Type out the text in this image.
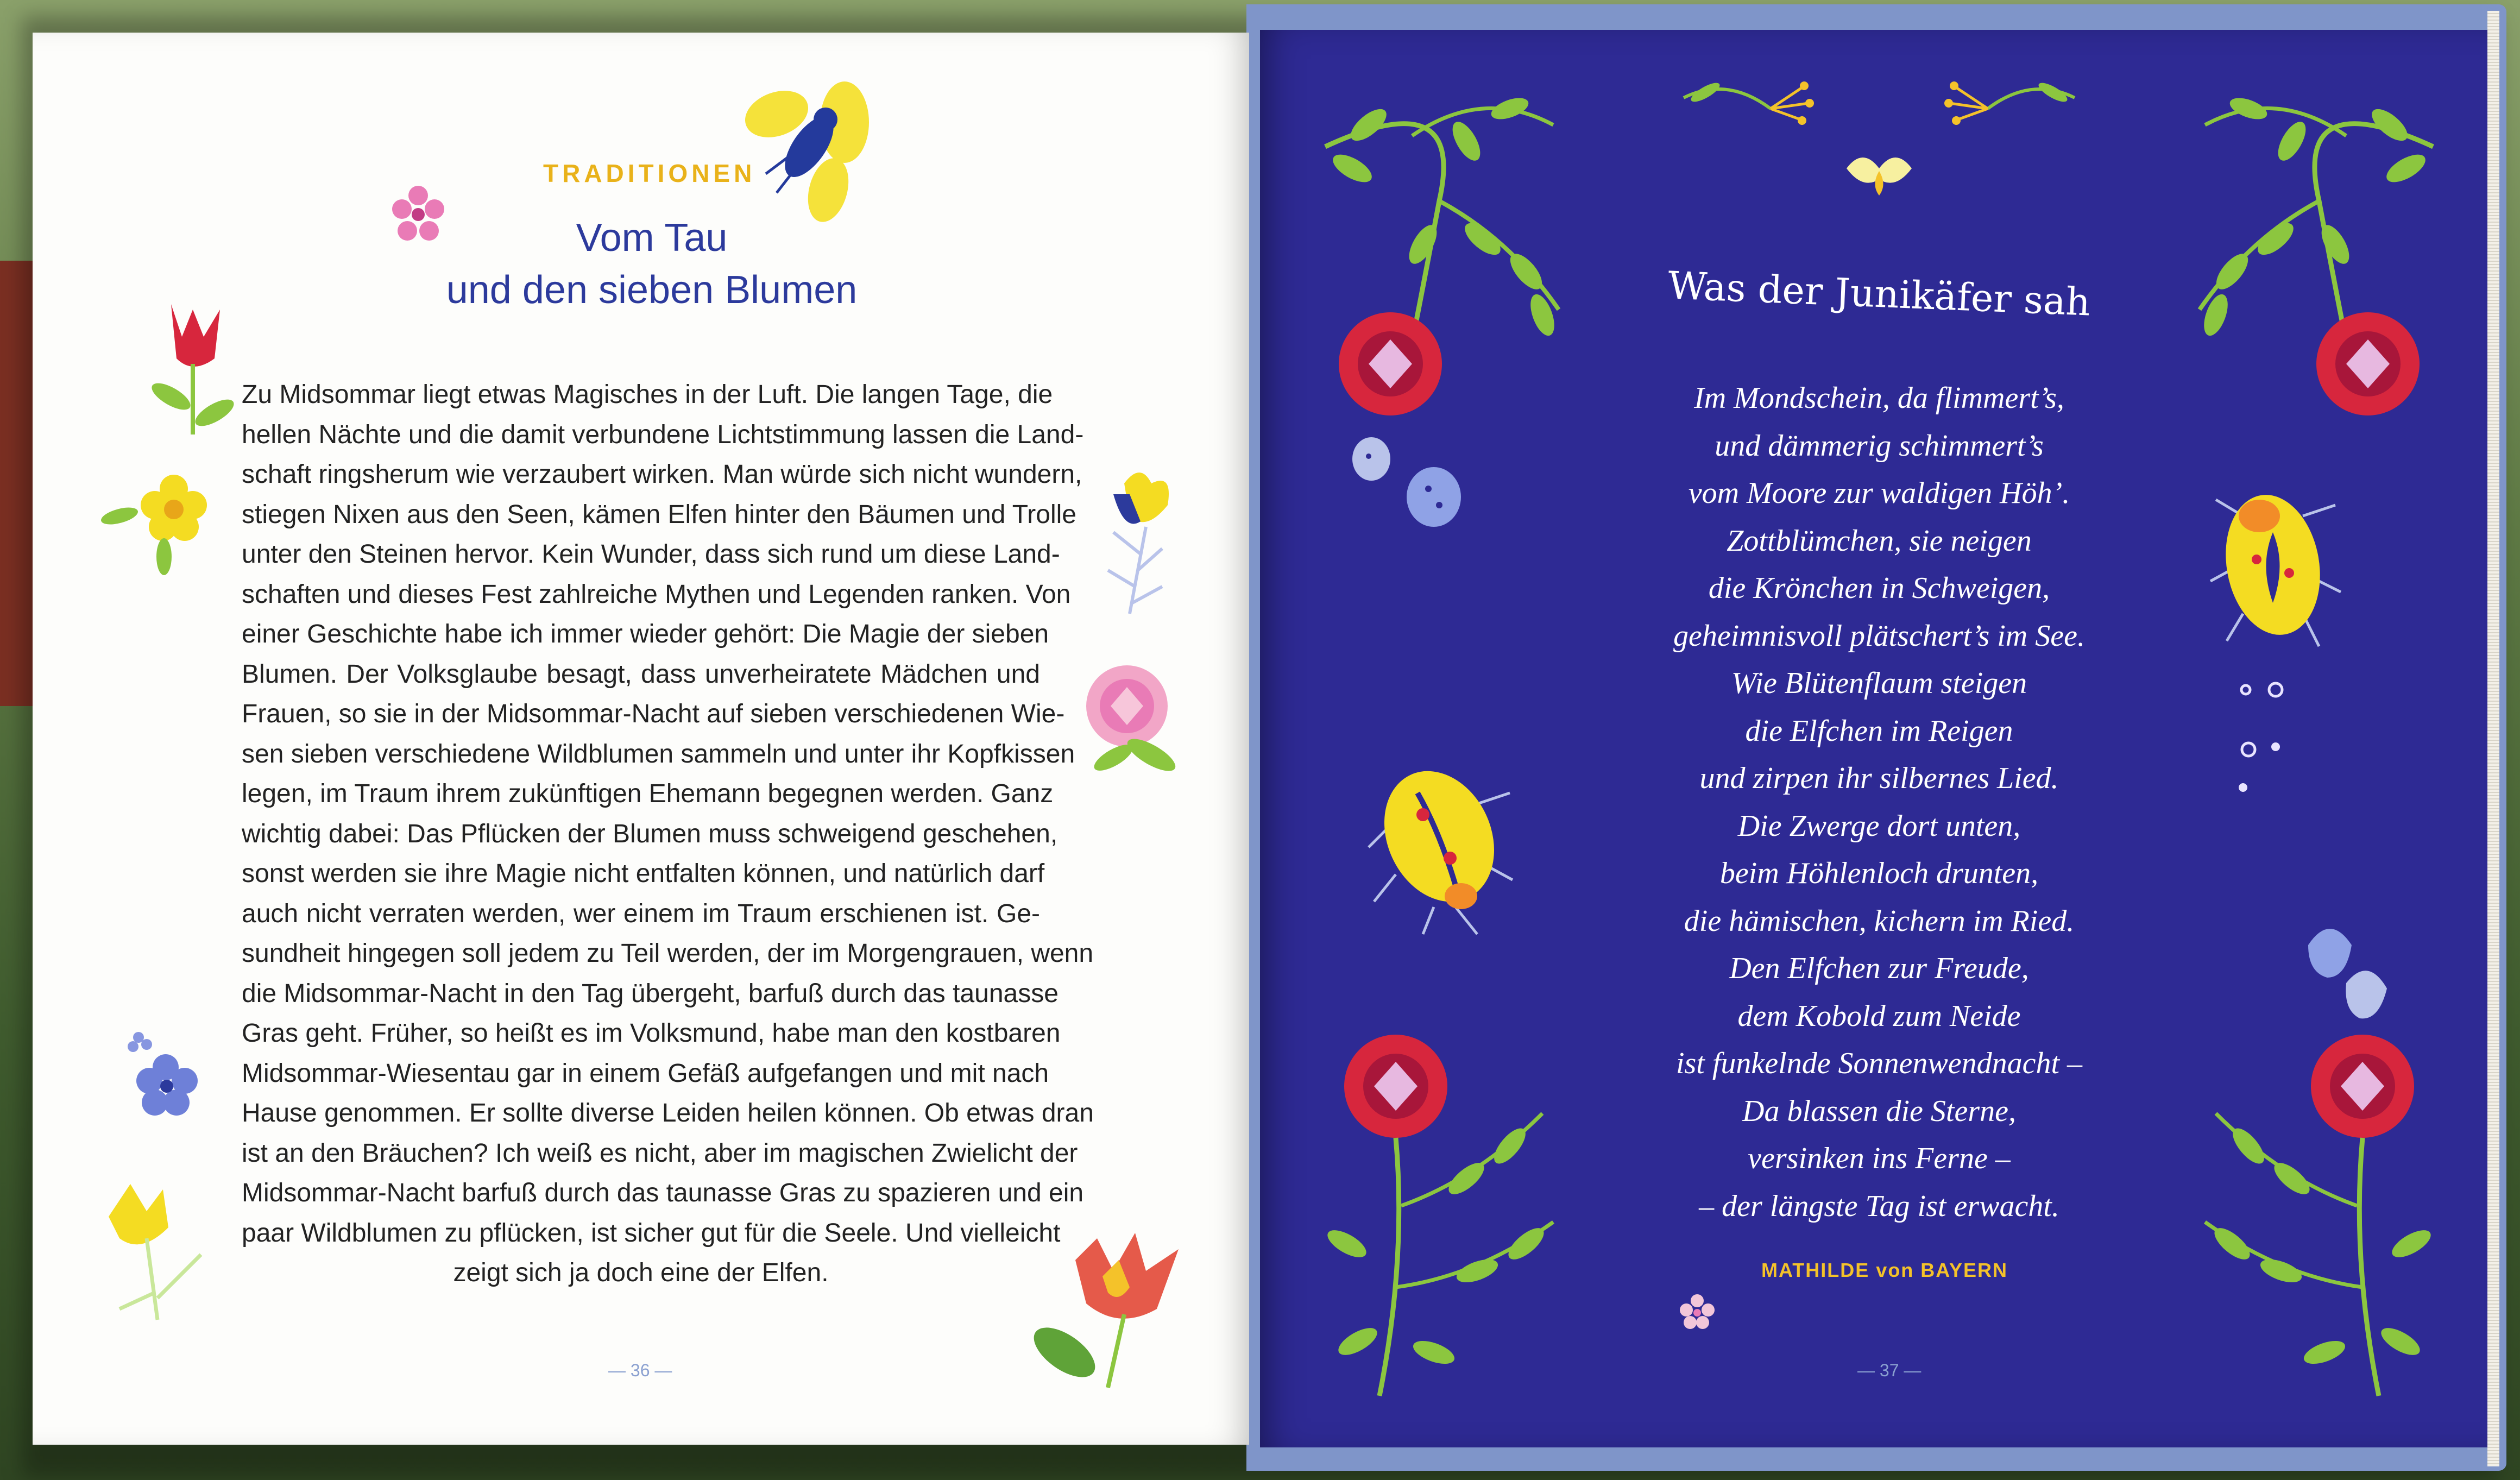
TRADITIONEN
Vom Tau
und den sieben Blumen
Zu Midsommar liegt etwas Magisches in der Luft. Die langen Tage, die
hellen Nächte und die damit verbundene Lichtstimmung lassen die Land-
schaft ringsherum wie verzaubert wirken. Man würde sich nicht wundern,
stiegen Nixen aus den Seen, kämen Elfen hinter den Bäumen und Trolle
unter den Steinen hervor. Kein Wunder, dass sich rund um diese Land-
schaften und dieses Fest zahlreiche Mythen und Legenden ranken. Von
einer Geschichte habe ich immer wieder gehört: Die Magie der sieben
Blumen. Der Volksglaube besagt, dass unverheiratete Mädchen und
Frauen, so sie in der Midsommar-Nacht auf sieben verschiedenen Wie-
sen sieben verschiedene Wildblumen sammeln und unter ihr Kopfkissen
legen, im Traum ihrem zukünftigen Ehemann begegnen werden. Ganz
wichtig dabei: Das Pflücken der Blumen muss schweigend geschehen,
sonst werden sie ihre Magie nicht entfalten können, und natürlich darf
auch nicht verraten werden, wer einem im Traum erschienen ist. Ge-
sundheit hingegen soll jedem zu Teil werden, der im Morgengrauen, wenn
die Midsommar-Nacht in den Tag übergeht, barfuß durch das taunasse
Gras geht. Früher, so heißt es im Volksmund, habe man den kostbaren
Midsommar-Wiesentau gar in einem Gefäß aufgefangen und mit nach
Hause genommen. Er sollte diverse Leiden heilen können. Ob etwas dran
ist an den Bräuchen? Ich weiß es nicht, aber im magischen Zwielicht der
Midsommar-Nacht barfuß durch das taunasse Gras zu spazieren und ein
paar Wildblumen zu pflücken, ist sicher gut für die Seele. Und vielleicht
zeigt sich ja doch eine der Elfen.
— 36 —
Was der Junikäfer sah
Im Mondschein, da flimmert’s,
und dämmerig schimmert’s
vom Moore zur waldigen Höh’.
Zottblümchen, sie neigen
die Krönchen in Schweigen,
geheimnisvoll plätschert’s im See.
Wie Blütenflaum steigen
die Elfchen im Reigen
und zirpen ihr silbernes Lied.
Die Zwerge dort unten,
beim Höhlenloch drunten,
die hämischen, kichern im Ried.
Den Elfchen zur Freude,
dem Kobold zum Neide
ist funkelnde Sonnenwendnacht –
Da blassen die Sterne,
versinken ins Ferne –
– der längste Tag ist erwacht.
MATHILDE von BAYERN
— 37 —
